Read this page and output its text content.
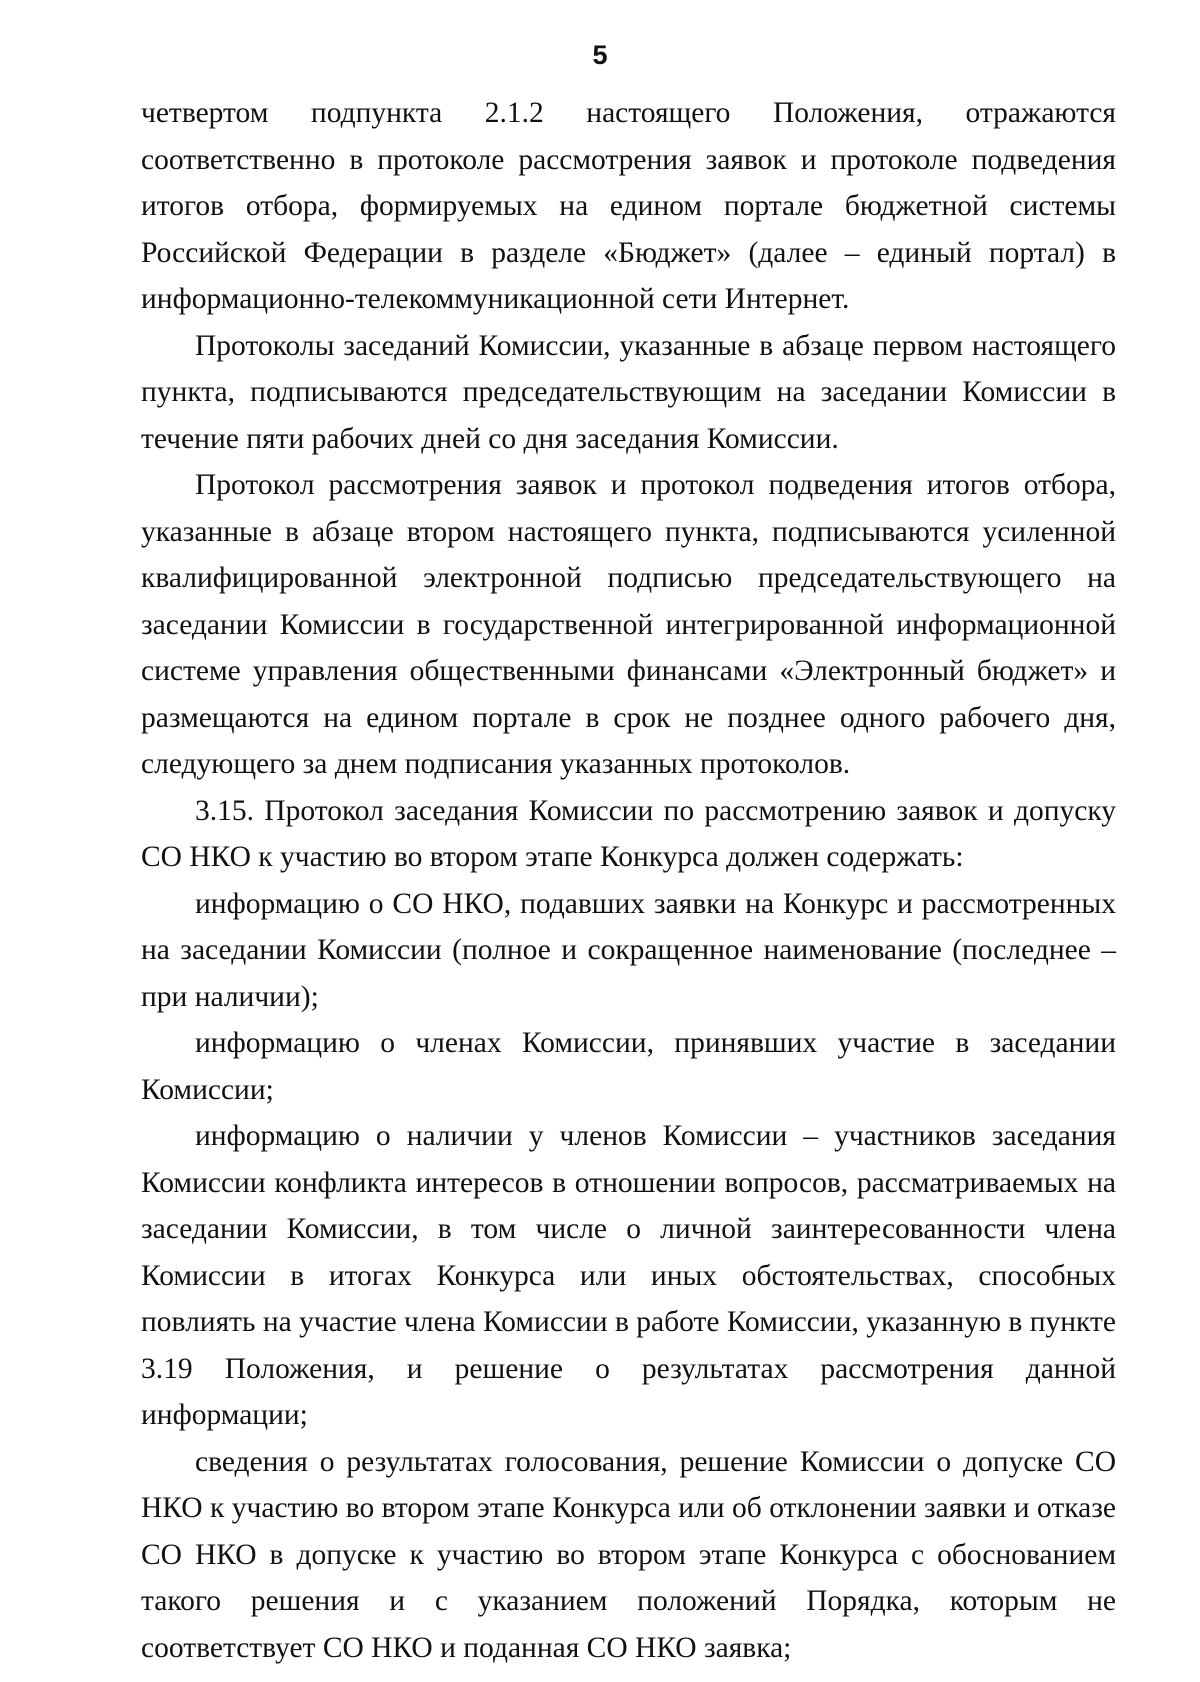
5

четвертом подпункта 2.1.2 настоящего Положения, отражаются соответственно в протоколе рассмотрения заявок и протоколе подведения итогов отбора, формируемых на едином портале бюджетной системы Российской Федерации в разделе «Бюджет» (далее – единый портал) в информационно-телекоммуникационной сети Интернет.

Протоколы заседаний Комиссии, указанные в абзаце первом настоящего пункта, подписываются председательствующим на заседании Комиссии в течение пяти рабочих дней со дня заседания Комиссии.

Протокол рассмотрения заявок и протокол подведения итогов отбора, указанные в абзаце втором настоящего пункта, подписываются усиленной квалифицированной электронной подписью председательствующего на заседании Комиссии в государственной интегрированной информационной системе управления общественными финансами «Электронный бюджет» и размещаются на едином портале в срок не позднее одного рабочего дня, следующего за днем подписания указанных протоколов.

3.15. Протокол заседания Комиссии по рассмотрению заявок и допуску СО НКО к участию во втором этапе Конкурса должен содержать:

информацию о СО НКО, подавших заявки на Конкурс и рассмотренных на заседании Комиссии (полное и сокращенное наименование (последнее – при наличии);

информацию о членах Комиссии, принявших участие в заседании Комиссии;

информацию о наличии у членов Комиссии – участников заседания Комиссии конфликта интересов в отношении вопросов, рассматриваемых на заседании Комиссии, в том числе о личной заинтересованности члена Комиссии в итогах Конкурса или иных обстоятельствах, способных повлиять на участие члена Комиссии в работе Комиссии, указанную в пункте 3.19 Положения, и решение о результатах рассмотрения данной информации;

сведения о результатах голосования, решение Комиссии о допуске СО НКО к участию во втором этапе Конкурса или об отклонении заявки и отказе СО НКО в допуске к участию во втором этапе Конкурса с обоснованием такого решения и с указанием положений Порядка, которым не соответствует СО НКО и поданная СО НКО заявка;
